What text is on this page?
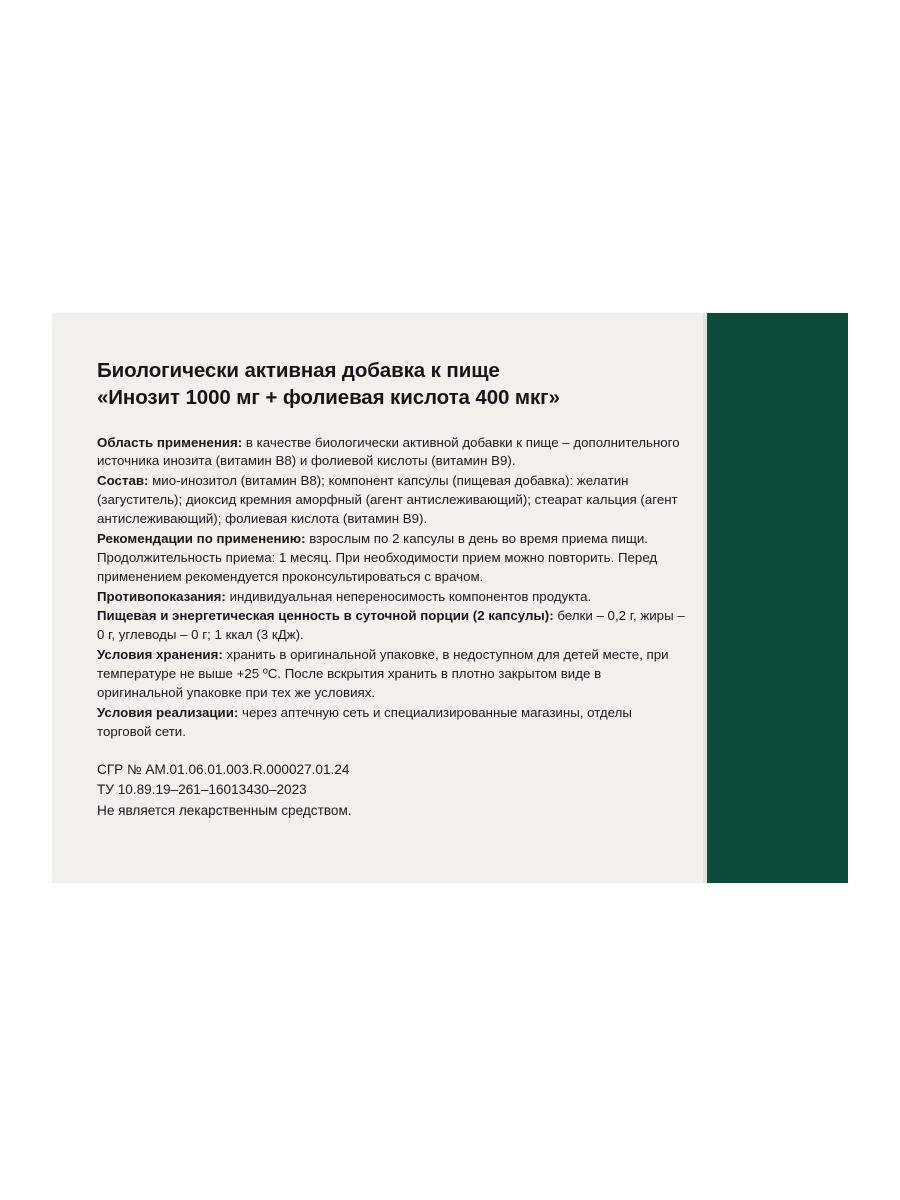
Биологически активная добавка к пище
«Инозит 1000 мг + фолиевая кислота 400 мкг»

Область применения: в качестве биологически активной добавки к пище – дополнительного источника инозита (витамин B8) и фолиевой кислоты (витамин B9).

Состав: мио-инозитол (витамин B8); компонент капсулы (пищевая добавка): желатин (загуститель); диоксид кремния аморфный (агент антислеживающий); стеарат кальция (агент антислеживающий); фолиевая кислота (витамин B9).

Рекомендации по применению: взрослым по 2 капсулы в день во время приема пищи. Продолжительность приема: 1 месяц. При необходимости прием можно повторить. Перед применением рекомендуется проконсультироваться с врачом.

Противопоказания: индивидуальная непереносимость компонентов продукта.

Пищевая и энергетическая ценность в суточной порции (2 капсулы): белки – 0,2 г, жиры – 0 г, углеводы – 0 г; 1 ккал (3 кДж).

Условия хранения: хранить в оригинальной упаковке, в недоступном для детей месте, при температуре не выше +25 ºС. После вскрытия хранить в плотно закрытом виде в оригинальной упаковке при тех же условиях.

Условия реализации: через аптечную сеть и специализированные магазины, отделы торговой сети.

СГР № AM.01.06.01.003.R.000027.01.24
ТУ 10.89.19–261–16013430–2023
Не является лекарственным средством.
